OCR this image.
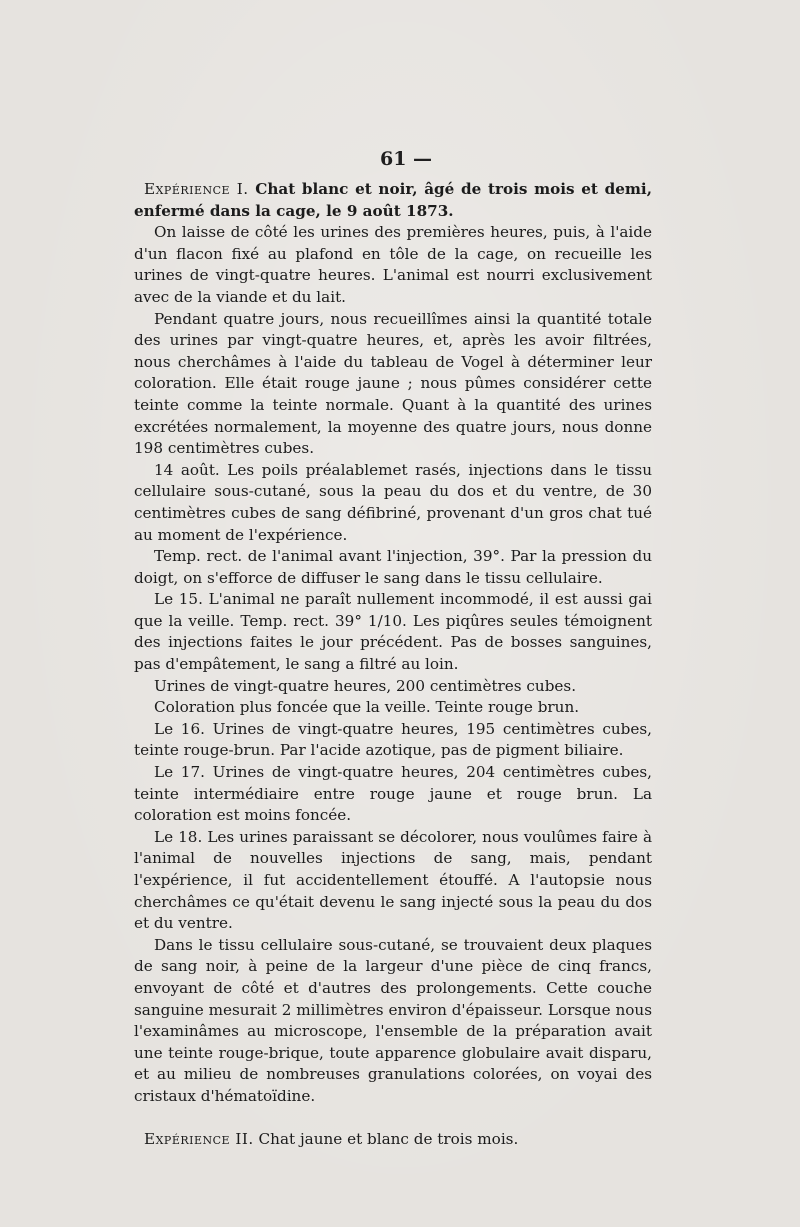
61 —

Expérience I. Chat blanc et noir, âgé de trois mois et demi, enfermé dans la cage, le 9 août 1873.

On laisse de côté les urines des premières heures, puis, à l'aide d'un flacon fixé au plafond en tôle de la cage, on recueille les urines de vingt-quatre heures. L'animal est nourri exclusivement avec de la viande et du lait.

Pendant quatre jours, nous recueillîmes ainsi la quantité totale des urines par vingt-quatre heures, et, après les avoir filtrées, nous cherchâmes à l'aide du tableau de Vogel à déterminer leur coloration. Elle était rouge jaune ; nous pûmes considérer cette teinte comme la teinte normale. Quant à la quantité des urines excrétées normalement, la moyenne des quatre jours, nous donne 198 centimètres cubes.

14 août. Les poils préalablemet rasés, injections dans le tissu cellulaire sous-cutané, sous la peau du dos et du ventre, de 30 centimètres cubes de sang défibriné, provenant d'un gros chat tué au moment de l'expérience.

Temp. rect. de l'animal avant l'injection, 39°. Par la pression du doigt, on s'efforce de diffuser le sang dans le tissu cellulaire.

Le 15. L'animal ne paraît nullement incommodé, il est aussi gai que la veille. Temp. rect. 39° 1/10. Les piqûres seules témoignent des injections faites le jour précédent. Pas de bosses sanguines, pas d'empâtement, le sang a filtré au loin.

Urines de vingt-quatre heures, 200 centimètres cubes.

Coloration plus foncée que la veille. Teinte rouge brun.

Le 16. Urines de vingt-quatre heures, 195 centimètres cubes, teinte rouge-brun. Par l'acide azotique, pas de pigment biliaire.

Le 17. Urines de vingt-quatre heures, 204 centimètres cubes, teinte intermédiaire entre rouge jaune et rouge brun. La coloration est moins foncée.

Le 18. Les urines paraissant se décolorer, nous voulûmes faire à l'animal de nouvelles injections de sang, mais, pendant l'expérience, il fut accidentellement étouffé. A l'autopsie nous cherchâmes ce qu'était devenu le sang injecté sous la peau du dos et du ventre.

Dans le tissu cellulaire sous-cutané, se trouvaient deux plaques de sang noir, à peine de la largeur d'une pièce de cinq francs, envoyant de côté et d'autres des prolongements. Cette couche sanguine mesurait 2 millimètres environ d'épaisseur. Lorsque nous l'examinâmes au microscope, l'ensemble de la préparation avait une teinte rouge-brique, toute apparence globulaire avait disparu, et au milieu de nombreuses granulations colorées, on voyai des cristaux d'hématoïdine.

Expérience II. Chat jaune et blanc de trois mois.
